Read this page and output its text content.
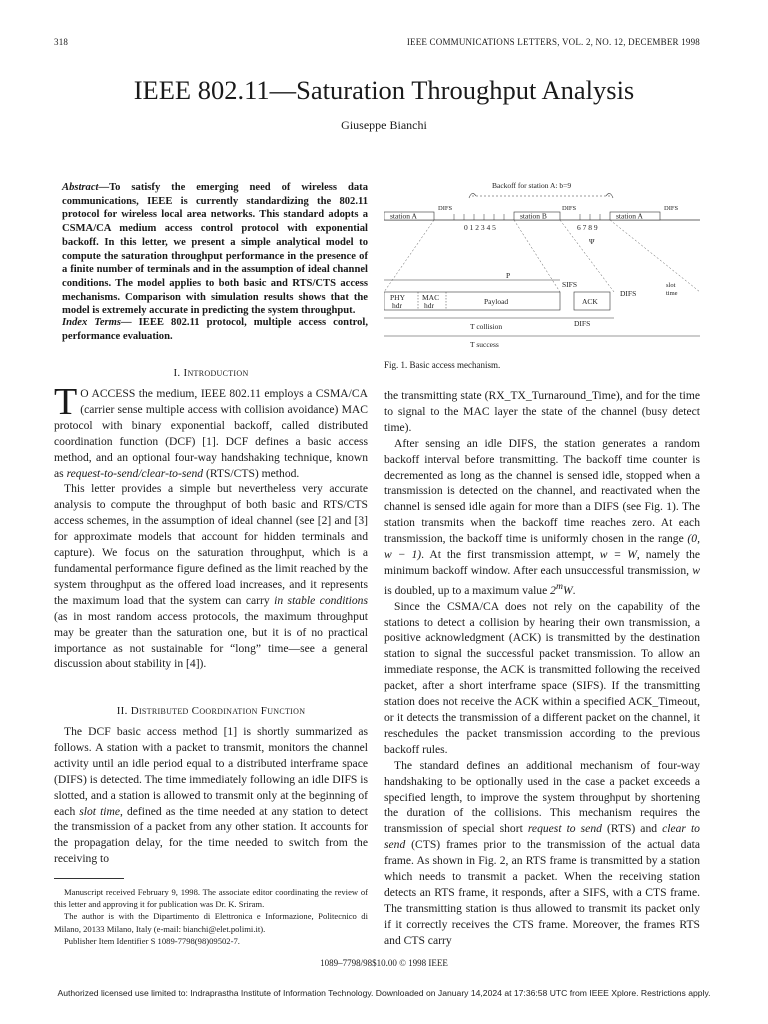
318	IEEE COMMUNICATIONS LETTERS, VOL. 2, NO. 12, DECEMBER 1998
IEEE 802.11—Saturation Throughput Analysis
Giuseppe Bianchi
Abstract—To satisfy the emerging need of wireless data communications, IEEE is currently standardizing the 802.11 protocol for wireless local area networks. This standard adopts a CSMA/CA medium access control protocol with exponential backoff. In this letter, we present a simple analytical model to compute the saturation throughput performance in the presence of a finite number of terminals and in the assumption of ideal channel conditions. The model applies to both basic and RTS/CTS access mechanisms. Comparison with simulation results shows that the model is extremely accurate in predicting the system throughput.
Index Terms— IEEE 802.11 protocol, multiple access control, performance evaluation.
I. Introduction

T O ACCESS the medium, IEEE 802.11 employs a CSMA/CA (carrier sense multiple access with collision avoidance) MAC protocol with binary exponential backoff, called distributed coordination function (DCF) [1]. DCF defines a basic access method, and an optional four-way handshaking technique, known as request-to-send/clear-to-send (RTS/CTS) method.

This letter provides a simple but nevertheless very accurate analysis to compute the throughput of both basic and RTS/CTS access schemes, in the assumption of ideal channel (see [2] and [3] for approximate models that account for hidden terminals and capture). We focus on the saturation throughput, which is a fundamental performance figure defined as the limit reached by the system throughput as the offered load increases, and it represents the maximum load that the system can carry in stable conditions (as in most random access protocols, the maximum throughput may be greater than the saturation one, but it is of no practical importance as not sustainable for “long” time—see a general discussion about stability in [4]).

II. Distributed Coordination Function

The DCF basic access method [1] is shortly summarized as follows. A station with a packet to transmit, monitors the channel activity until an idle period equal to a distributed interframe space (DIFS) is detected. The time immediately following an idle DIFS is slotted, and a station is allowed to transmit only at the beginning of each slot time, defined as the time needed at any station to detect the transmission of a packet from any other station. It accounts for the propagation delay, for the time needed to switch from the receiving to

Manuscript received February 9, 1998. The associate editor coordinating the review of this letter and approving it for publication was Dr. K. Sriram.

The author is with the Dipartimento di Elettronica e Informazione, Politecnico di Milano, 20133 Milano, Italy (e-mail: bianchi@elet.polimi.it).

Publisher Item Identifier S 1089-7798(98)09502-7.

Backoff for station A: b=9
station A
DIFS
station B
DIFS
station A
DIFS
0 1 2 3 4 5	6 7 8 9
Ψ
P
SIFS
DIFS
slot
time
PHY
hdr
MAC
hdr	Payload	ACK
DIFS
T collision
T success
Fig. 1. Basic access mechanism.

the transmitting state (RX_TX_Turnaround_Time), and for the time to signal to the MAC layer the state of the channel (busy detect time).

After sensing an idle DIFS, the station generates a random backoff interval before transmitting. The backoff time counter is decremented as long as the channel is sensed idle, stopped when a transmission is detected on the channel, and reactivated when the channel is sensed idle again for more than a DIFS (see Fig. 1). The station transmits when the backoff time reaches zero. At each transmission, the backoff time is uniformly chosen in the range (0, w − 1). At the first transmission attempt, w = W, namely the minimum backoff window. After each unsuccessful transmission, w is doubled, up to a maximum value 2$^m$W.

Since the CSMA/CA does not rely on the capability of the stations to detect a collision by hearing their own transmission, a positive acknowledgment (ACK) is transmitted by the destination station to signal the successful packet transmission. To allow an immediate response, the ACK is transmitted following the received packet, after a short interframe space (SIFS). If the transmitting station does not receive the ACK within a specified ACK_Timeout, or it detects the transmission of a different packet on the channel, it reschedules the packet transmission according to the previous backoff rules.

The standard defines an additional mechanism of four-way handshaking to be optionally used in the case a packet exceeds a specified length, to improve the system throughput by shortening the duration of the collisions. This mechanism requires the transmission of special short request to send (RTS) and clear to send (CTS) frames prior to the transmission of the actual data frame. As shown in Fig. 2, an RTS frame is transmitted by a station which needs to transmit a packet. When the receiving station detects an RTS frame, it responds, after a SIFS, with a CTS frame. The transmitting station is thus allowed to transmit its packet only if it correctly receives the CTS frame. Moreover, the frames RTS and CTS carry

1089–7798/98$10.00 © 1998 IEEE
Authorized licensed use limited to: Indraprastha Institute of Information Technology. Downloaded on January 14,2024 at 17:36:58 UTC from IEEE Xplore. Restrictions apply.
